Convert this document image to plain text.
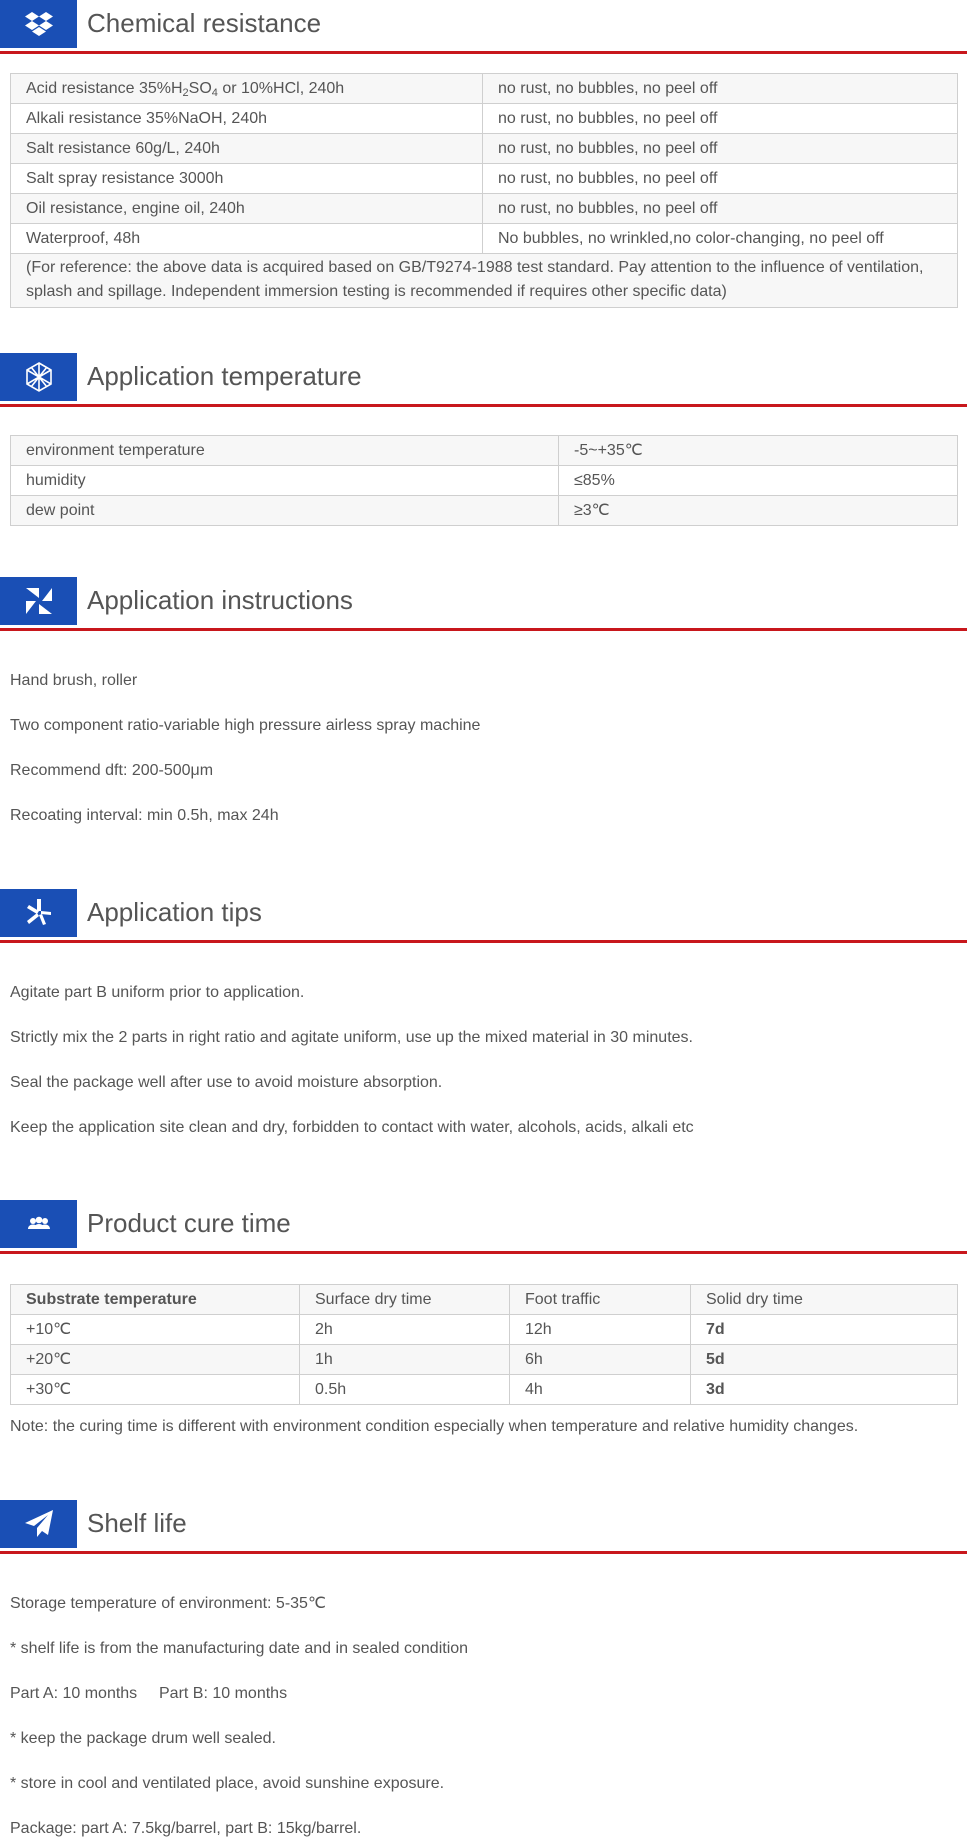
Chemical resistance
Acid resistance $35\%H_2SO_4$ or 10%HCl, 240h	no rust, no bubbles, no peel off
Alkali resistance 35%NaOH, 240h	no rust, no bubbles, no peel off
Salt resistance 60g/L, 240h	no rust, no bubbles, no peel off
Salt spray resistance 3000h	no rust, no bubbles, no peel off
Oil resistance, engine oil, 240h	no rust, no bubbles, no peel off
Waterproof, 48h	No bubbles, no wrinkled,no color-changing, no peel off

(For reference: the above data is acquired based on GB/T9274-1988 test standard. Pay attention to the influence of ventilation,
splash and spillage. Independent immersion testing is recommended if requires other specific data)	
Application temperature
environment temperature	-5~+35℃
humidity	≤85%
dew point	≥3℃
Application instructions
Hand brush, roller
Two component ratio-variable high pressure airless spray machine
Recommend dft: 200-500μm
Recoating interval: min 0.5h, max 24h
Application tips
Agitate part B uniform prior to application.
Strictly mix the 2 parts in right ratio and agitate uniform, use up the mixed material in 30 minutes.
Seal the package well after use to avoid moisture absorption.
Keep the application site clean and dry, forbidden to contact with water, alcohols, acids, alkali etc
Product cure time
Substrate temperature	Surface dry time	Foot traffic	Solid dry time
+10℃	2h	12h	7d
+20℃	1h	6h	5d
+30℃	0.5h	4h	3d
Note: the curing time is different with environment condition especially when temperature and relative humidity changes.
Shelf life
Storage temperature of environment: 5-35℃
* shelf life is from the manufacturing date and in sealed condition
Part A: 10 months Part B: 10 months
* keep the package drum well sealed.
* store in cool and ventilated place, avoid sunshine exposure.
Package: part A: 7.5kg/barrel, part B: 15kg/barrel.
